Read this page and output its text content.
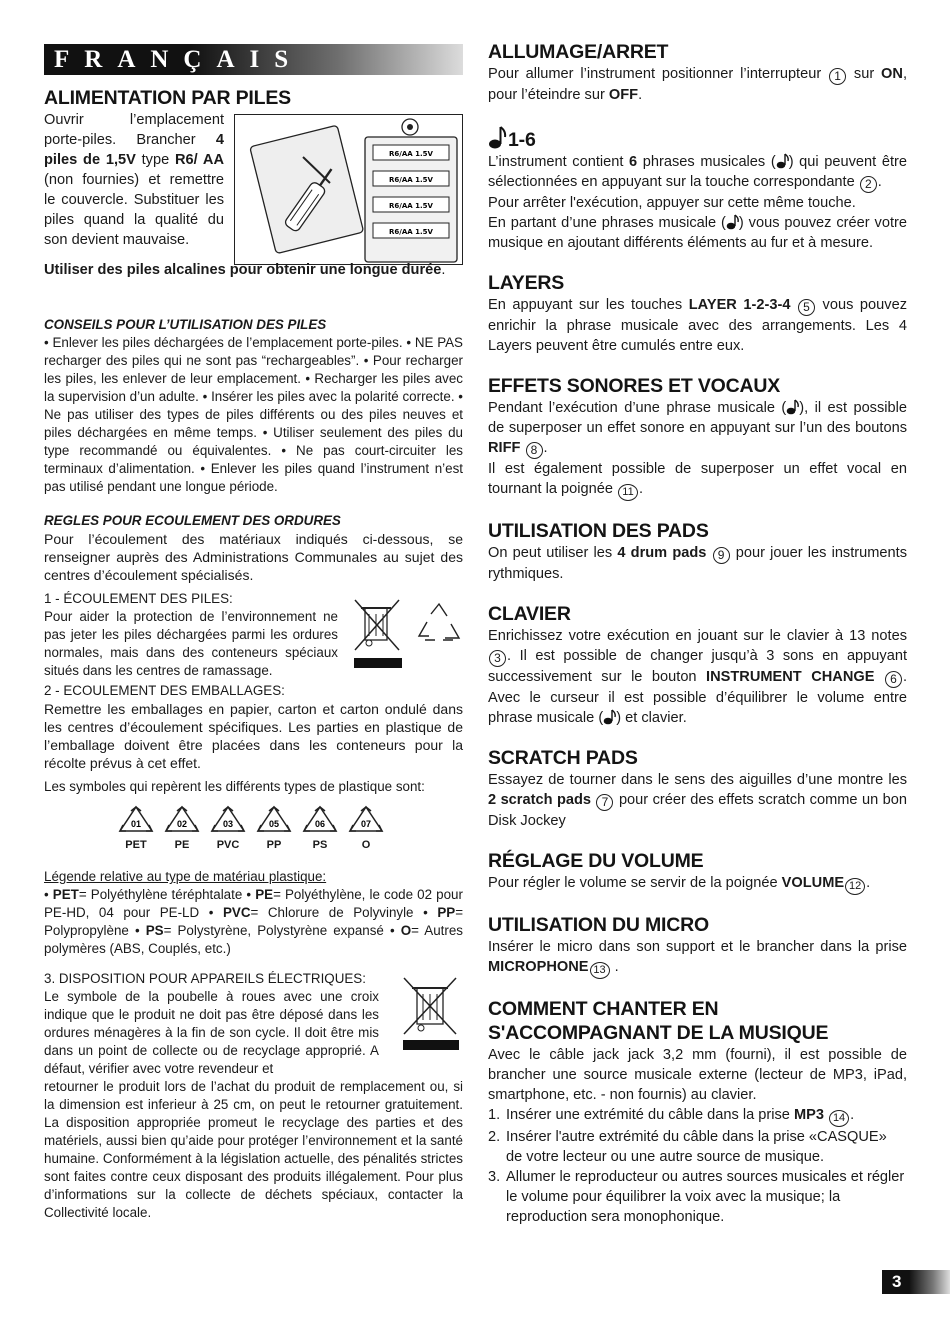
FRANÇAIS
ALIMENTATION PAR PILES
R6/AA 1.5V
R6/AA 1.5V
R6/AA 1.5V
R6/AA 1.5V
Ouvrir l’emplacement porte-piles. Brancher 4 piles de 1,5V type R6/ AA (non fournies) et remettre le couvercle. Substituer les piles quand la qualité du son devient mauvaise.
Utiliser des piles alcalines pour obtenir une longue durée.
CONSEILS POUR L’UTILISATION DES PILES
• Enlever les piles déchargées de l’emplacement porte-piles. • NE PAS recharger des piles qui ne sont pas “rechargeables”. • Pour recharger les piles, les enlever de leur emplacement. • Recharger les piles avec la supervision d’un adulte. • Insérer les piles avec la polarité correcte. • Ne pas utiliser des types de piles différents ou des piles neuves et piles déchargées en même temps. • Utiliser seulement des piles du type recommandé ou équivalentes. • Ne pas court-circuiter les terminaux d’alimentation. • Enlever les piles quand l’instrument n’est pas utilisé pendant une longue période.
REGLES POUR ECOULEMENT DES ORDURES
Pour l’écoulement des matériaux indiqués ci-dessous, se renseigner auprès des Administrations Communales au sujet des centres d’écoulement spécialisés.
1 - ÉCOULEMENT DES PILES:
Pour aider la protection de l’environnement ne pas jeter les piles déchargées parmi les ordures normales, mais dans des conteneurs spéciaux situés dans les centres de ramassage.
2 - ECOULEMENT DES EMBALLAGES:
Remettre les emballages en papier, carton et carton ondulé dans les centres d’écoulement spécifiques. Les parties en plastique de l’emballage doivent être placées dans les conteneurs pour la récolte prévus à cet effet.
Les symboles qui repèrent les différents types de plastique sont:
01
PET
02
PE
03
PVC
05
PP
06
PS
07
O
Légende relative au type de matériau plastique:
• PET= Polyéthylène téréphtalate • PE= Polyéthylène, le code 02 pour PE-HD, 04 pour PE-LD • PVC= Chlorure de Polyvinyle • PP= Polypropylène • PS= Polystyrène, Polystyrène expansé • O= Autres polymères (ABS, Couplés, etc.)
3. DISPOSITION POUR APPAREILS ÉLECTRIQUES:
Le symbole de la poubelle à roues avec une croix indique que le produit ne doit pas être déposé dans les ordures ménagères à la fin de son cycle. Il doit être mis dans un point de collecte ou de recyclage approprié. A défaut, vérifier avec votre revendeur et
retourner le produit lors de l’achat du produit de remplacement ou, si la dimension est inferieur à 25 cm, on peut le retourner gratuitement. La disposition appropriée promeut le recyclage des parties et des matériels, aussi bien qu’aide pour protéger l’environnement et la santé humaine. Conformément à la législation actuelle, des pénalités strictes sont faites contre ceux disposant des produits illégalement. Pour plus d’informations sur la collecte de déchets spéciaux, contacter la Collectivité locale.
ALLUMAGE/ARRET
Pour allumer l’instrument positionner l’interrupteur 1 sur ON, pour l’éteindre sur OFF.
1-6
L’instrument contient 6 phrases musicales ( ) qui peuvent être sélectionnées en appuyant sur la touche correspondante 2 .
Pour arrêter l'exécution, appuyer sur cette même touche.
En partant d’une phrases musicale ( ) vous pouvez créer votre musique en ajoutant différents éléments au fur et à mesure.
LAYERS
En appuyant sur les touches LAYER 1-2-3-4 5 vous pouvez enrichir la phrase musicale avec des arrangements. Les 4 Layers peuvent être cumulés entre eux.
EFFETS SONORES ET VOCAUX
Pendant l’exécution d’une phrase musicale ( ), il est possible de superposer un effet sonore en appuyant sur l’un des boutons RIFF 8 .
Il est également possible de superposer un effet vocal en tournant la poignée 11 .
UTILISATION DES PADS
On peut utiliser les 4 drum pads 9 pour jouer les instruments rythmiques.
CLAVIER
Enrichissez votre exécution en jouant sur le clavier à 13 notes 3 . Il est possible de changer jusqu’à 3 sons en appuyant successivement sur le bouton INSTRUMENT CHANGE 6 . Avec le curseur il est possible d’équilibrer le volume entre phrase musicale ( ) et clavier.
SCRATCH PADS
Essayez de tourner dans le sens des aiguilles d’une montre les 2 scratch pads 7 pour créer des effets scratch comme un bon Disk Jockey
RÉGLAGE DU VOLUME
Pour régler le volume se servir de la poignée VOLUME 12 .
UTILISATION DU MICRO
Insérer le micro dans son support et le brancher dans la prise MICROPHONE 13 .
COMMENT CHANTER EN S'ACCOMPAGNANT DE LA MUSIQUE
Avec le câble jack jack 3,2 mm (fourni), il est possible de brancher une source musicale externe (lecteur de MP3, iPad, smartphone, etc. - non fournis) au clavier.
1. Insérer une extrémité du câble dans la prise MP3 14 .
2. Insérer l'autre extrémité du câble dans la prise «CASQUE» de votre lecteur ou une autre source de musique.
3. Allumer le reproducteur ou autres sources musicales et régler le volume pour équilibrer la voix avec la musique; la reproduction sera monophonique.
3
